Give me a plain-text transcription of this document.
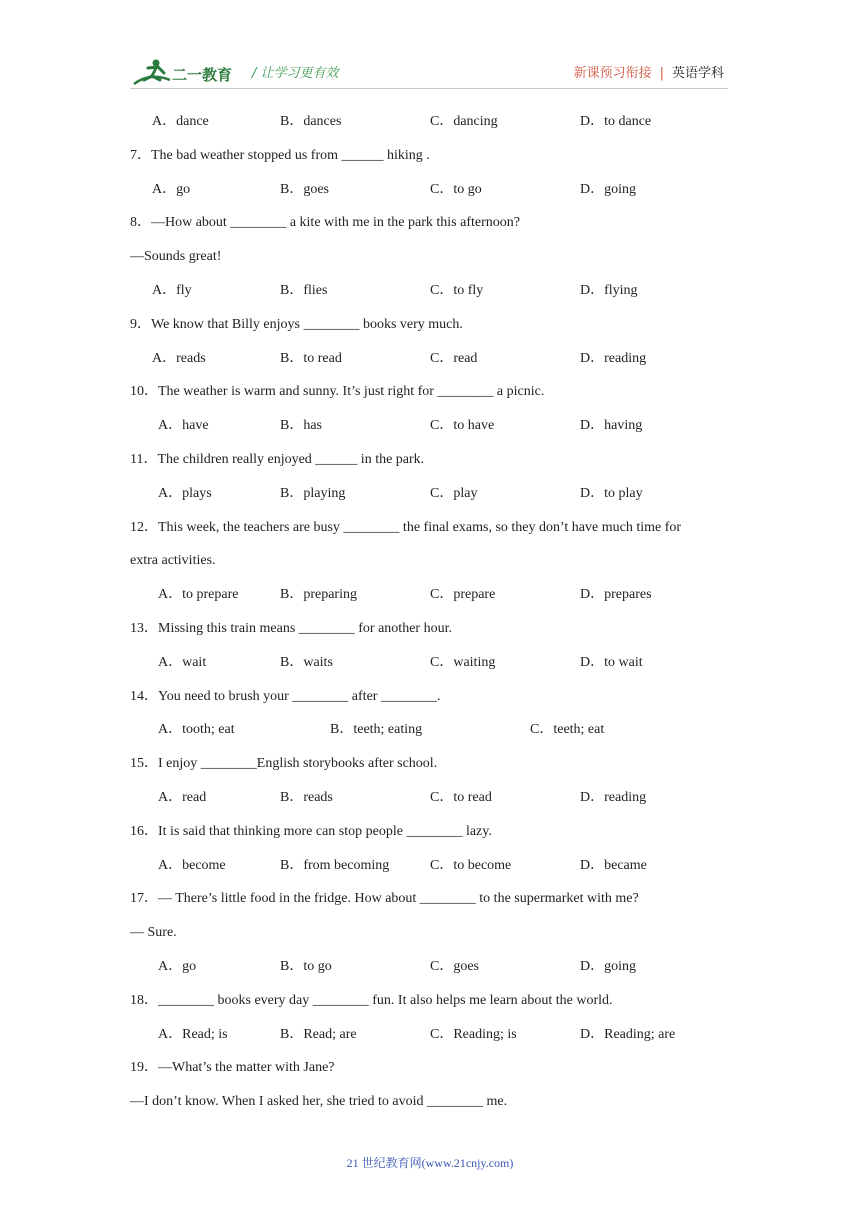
二一教育 / 让学习更有效	新课预习衔接 | 英语学科
A．dance	B．dances	C．dancing	D．to dance
7．The bad weather stopped us from ______ hiking .
A．go	B．goes	C．to go	D．going
8．—How about ________ a kite with me in the park this afternoon?
—Sounds great!
A．fly	B．flies	C．to fly	D．flying
9．We know that Billy enjoys ________ books very much.
A．reads	B．to read	C．read	D．reading
10．The weather is warm and sunny. It’s just right for ________ a picnic.
A．have	B．has	C．to have	D．having
11．The children really enjoyed ______ in the park.
A．plays	B．playing	C．play	D．to play
12．This week, the teachers are busy ________ the final exams, so they don’t have much time for
extra activities.
A．to prepare	B．preparing	C．prepare	D．prepares
13．Missing this train means ________ for another hour.
A．wait	B．waits	C．waiting	D．to wait
14．You need to brush your ________ after ________.
A．tooth; eat	B．teeth; eating	C．teeth; eat
15．I enjoy ________English storybooks after school.
A．read	B．reads	C．to read	D．reading
16．It is said that thinking more can stop people ________ lazy.
A．become	B．from becoming	C．to become	D．became
17．— There’s little food in the fridge. How about ________ to the supermarket with me?
— Sure.
A．go	B．to go	C．goes	D．going
18．________ books every day ________ fun. It also helps me learn about the world.
A．Read; is	B．Read; are	C．Reading; is	D．Reading; are
19．—What’s the matter with Jane?
—I don’t know. When I asked her, she tried to avoid ________ me.
21 世纪教育网(www.21cnjy.com)
